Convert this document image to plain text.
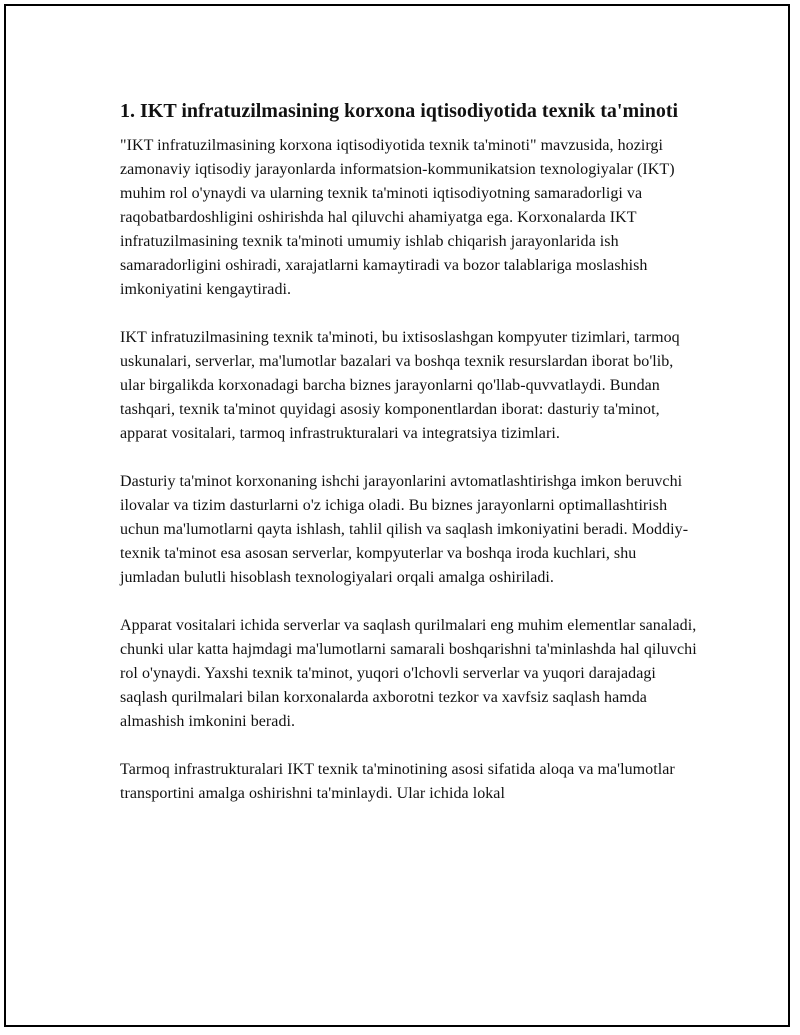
1. IKT infratuzilmasining korxona iqtisodiyotida texnik ta'minoti

"IKT infratuzilmasining korxona iqtisodiyotida texnik ta'minoti" mavzusida, hozirgi zamonaviy iqtisodiy jarayonlarda informatsion-kommunikatsion texnologiyalar (IKT) muhim rol o'ynaydi va ularning texnik ta'minoti iqtisodiyotning samaradorligi va raqobatbardoshligini oshirishda hal qiluvchi ahamiyatga ega. Korxonalarda IKT infratuzilmasining texnik ta'minoti umumiy ishlab chiqarish jarayonlarida ish samaradorligini oshiradi, xarajatlarni kamaytiradi va bozor talablariga moslashish imkoniyatini kengaytiradi.

IKT infratuzilmasining texnik ta'minoti, bu ixtisoslashgan kompyuter tizimlari, tarmoq uskunalari, serverlar, ma'lumotlar bazalari va boshqa texnik resurslardan iborat bo'lib, ular birgalikda korxonadagi barcha biznes jarayonlarni qo'llab-quvvatlaydi. Bundan tashqari, texnik ta'minot quyidagi asosiy komponentlardan iborat: dasturiy ta'minot, apparat vositalari, tarmoq infrastrukturalari va integratsiya tizimlari.

Dasturiy ta'minot korxonaning ishchi jarayonlarini avtomatlashtirishga imkon beruvchi ilovalar va tizim dasturlarni o'z ichiga oladi. Bu biznes jarayonlarni optimallashtirish uchun ma'lumotlarni qayta ishlash, tahlil qilish va saqlash imkoniyatini beradi. Moddiy-texnik ta'minot esa asosan serverlar, kompyuterlar va boshqa iroda kuchlari, shu jumladan bulutli hisoblash texnologiyalari orqali amalga oshiriladi.

Apparat vositalari ichida serverlar va saqlash qurilmalari eng muhim elementlar sanaladi, chunki ular katta hajmdagi ma'lumotlarni samarali boshqarishni ta'minlashda hal qiluvchi rol o'ynaydi. Yaxshi texnik ta'minot, yuqori o'lchovli serverlar va yuqori darajadagi saqlash qurilmalari bilan korxonalarda axborotni tezkor va xavfsiz saqlash hamda almashish imkonini beradi.

Tarmoq infrastrukturalari IKT texnik ta'minotining asosi sifatida aloqa va ma'lumotlar transportini amalga oshirishni ta'minlaydi. Ular ichida lokal
